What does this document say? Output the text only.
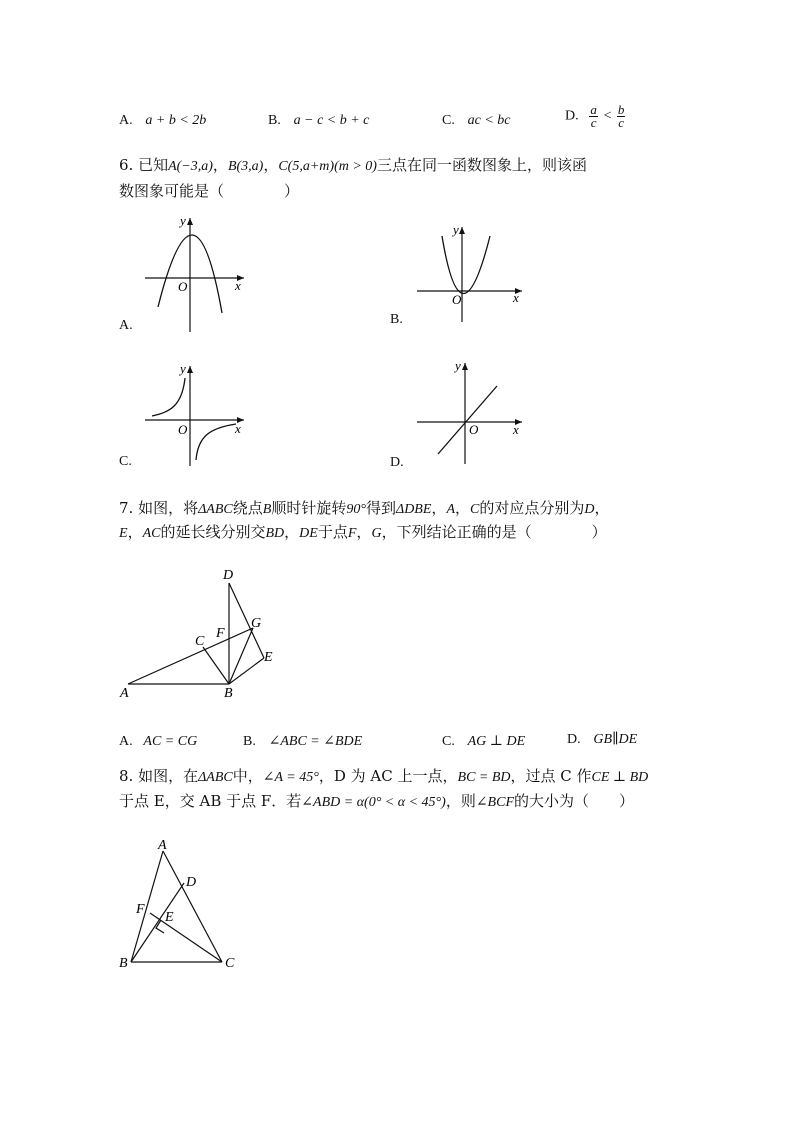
A. a + b < 2b	B. a − c < b + c	C. ac < bc	D. $\frac{a}{c} < \frac{b}{c}$
6. 已知A(−3,a)，B(3,a)，C(5,a+m)(m > 0)三点在同一函数图象上，则该函
数图象可能是（　　　　）
y
x
O
A.
y
x
O
B.
y
x
O
C.
y
x
O
D.
7. 如图，将ΔABC绕点B顺时针旋转90°得到ΔDBE，A，C的对应点分别为D，
E，AC的延长线分别交BD，DE于点F，G，下列结论正确的是（　　　　）
D
G
F
C
E
A	B
A. AC = CG	B. ∠ABC = ∠BDE	C. AG ⊥ DE	D. GB∥DE
8. 如图，在ΔABC中，∠A = 45°，D 为 AC 上一点，BC = BD，过点 C 作CE ⊥ BD
于点 E，交 AB 于点 F．若∠ABD = α(0° < α < 45°)，则∠BCF的大小为（　　）
A
D
F
E
B	C
